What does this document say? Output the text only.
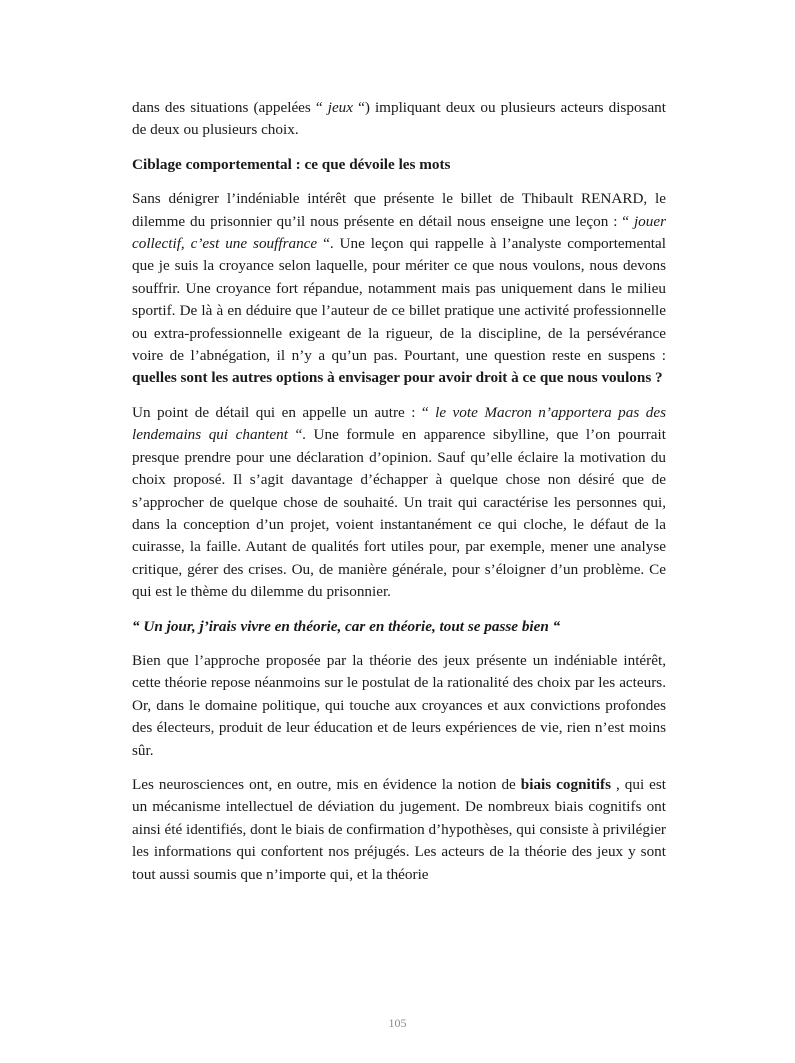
dans des situations (appelées “ jeux “) impliquant deux ou plusieurs acteurs disposant de deux ou plusieurs choix.

Ciblage comportemental : ce que dévoile les mots

Sans dénigrer l’indéniable intérêt que présente le billet de Thibault RENARD, le dilemme du prisonnier qu’il nous présente en détail nous enseigne une leçon : “ jouer collectif, c’est une souffrance “. Une leçon qui rappelle à l’analyste comportemental que je suis la croyance selon laquelle, pour mériter ce que nous voulons, nous devons souffrir. Une croyance fort répandue, notamment mais pas uniquement dans le milieu sportif. De là à en déduire que l’auteur de ce billet pratique une activité professionnelle ou extra-professionnelle exigeant de la rigueur, de la discipline, de la persévérance voire de l’abnégation, il n’y a qu’un pas. Pourtant, une question reste en suspens : quelles sont les autres options à envisager pour avoir droit à ce que nous voulons ?

Un point de détail qui en appelle un autre : “ le vote Macron n’apportera pas des lendemains qui chantent “. Une formule en apparence sibylline, que l’on pourrait presque prendre pour une déclaration d’opinion. Sauf qu’elle éclaire la motivation du choix proposé. Il s’agit davantage d’échapper à quelque chose non désiré que de s’approcher de quelque chose de souhaité. Un trait qui caractérise les personnes qui, dans la conception d’un projet, voient instantanément ce qui cloche, le défaut de la cuirasse, la faille. Autant de qualités fort utiles pour, par exemple, mener une analyse critique, gérer des crises. Ou, de manière générale, pour s’éloigner d’un problème. Ce qui est le thème du dilemme du prisonnier.

“ Un jour, j’irais vivre en théorie, car en théorie, tout se passe bien “

Bien que l’approche proposée par la théorie des jeux présente un indéniable intérêt, cette théorie repose néanmoins sur le postulat de la rationalité des choix par les acteurs. Or, dans le domaine politique, qui touche aux croyances et aux convictions profondes des électeurs, produit de leur éducation et de leurs expériences de vie, rien n’est moins sûr.

Les neurosciences ont, en outre, mis en évidence la notion de biais cognitifs , qui est un mécanisme intellectuel de déviation du jugement. De nombreux biais cognitifs ont ainsi été identifiés, dont le biais de confirmation d’hypothèses, qui consiste à privilégier les informations qui confortent nos préjugés. Les acteurs de la théorie des jeux y sont tout aussi soumis que n’importe qui, et la théorie

105
